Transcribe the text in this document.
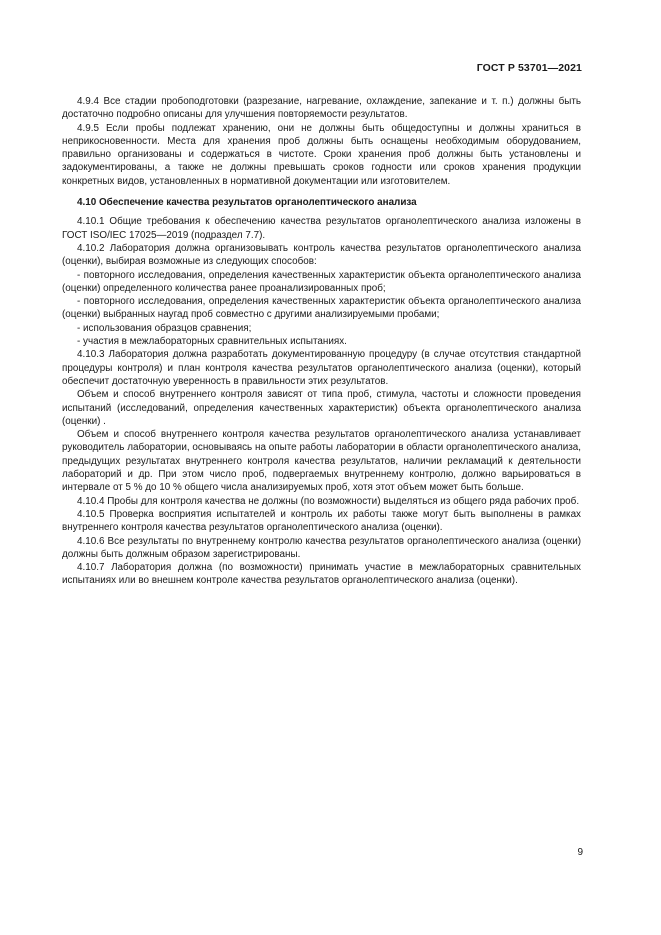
ГОСТ Р 53701—2021

4.9.4 Все стадии пробоподготовки (разрезание, нагревание, охлаждение, запекание и т. п.) должны быть достаточно подробно описаны для улучшения повторяемости результатов.

4.9.5 Если пробы подлежат хранению, они не должны быть общедоступны и должны храниться в неприкосновенности. Места для хранения проб должны быть оснащены необходимым оборудованием, правильно организованы и содержаться в чистоте. Сроки хранения проб должны быть установлены и задокументированы, а также не должны превышать сроков годности или сроков хранения продукции конкретных видов, установленных в нормативной документации или изготовителем.

4.10 Обеспечение качества результатов органолептического анализа

4.10.1 Общие требования к обеспечению качества результатов органолептического анализа изложены в ГОСТ ISO/IEC 17025—2019 (подраздел 7.7).

4.10.2 Лаборатория должна организовывать контроль качества результатов органолептического анализа (оценки), выбирая возможные из следующих способов:

- повторного исследования, определения качественных характеристик объекта органолептического анализа (оценки) определенного количества ранее проанализированных проб;

- повторного исследования, определения качественных характеристик объекта органолептического анализа (оценки) выбранных наугад проб совместно с другими анализируемыми пробами;

- использования образцов сравнения;

- участия в межлабораторных сравнительных испытаниях.

4.10.3 Лаборатория должна разработать документированную процедуру (в случае отсутствия стандартной процедуры контроля) и план контроля качества результатов органолептического анализа (оценки), который обеспечит достаточную уверенность в правильности этих результатов.

Объем и способ внутреннего контроля зависят от типа проб, стимула, частоты и сложности проведения испытаний (исследований, определения качественных характеристик) объекта органолептического анализа (оценки) .

Объем и способ внутреннего контроля качества результатов органолептического анализа устанавливает руководитель лаборатории, основываясь на опыте работы лаборатории в области органолептического анализа, предыдущих результатах внутреннего контроля качества результатов, наличии рекламаций к деятельности лабораторий и др. При этом число проб, подвергаемых внутреннему контролю, должно варьироваться в интервале от 5 % до 10 % общего числа анализируемых проб, хотя этот объем может быть больше.

4.10.4 Пробы для контроля качества не должны (по возможности) выделяться из общего ряда рабочих проб.

4.10.5 Проверка восприятия испытателей и контроль их работы также могут быть выполнены в рамках внутреннего контроля качества результатов органолептического анализа (оценки).

4.10.6 Все результаты по внутреннему контролю качества результатов органолептического анализа (оценки) должны быть должным образом зарегистрированы.

4.10.7 Лаборатория должна (по возможности) принимать участие в межлабораторных сравнительных испытаниях или во внешнем контроле качества результатов органолептического анализа (оценки).

9
